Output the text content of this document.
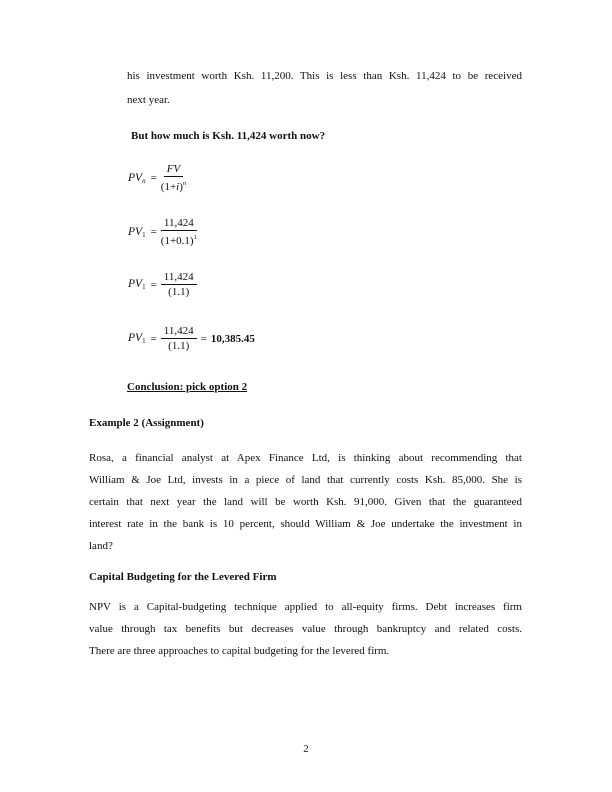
his investment worth Ksh. 11,200. This is less than Ksh. 11,424 to be received
next year.
But how much is Ksh. 11,424 worth now?
$PV_n = \frac{FV}{(1+i)^n}$
$PV_1 = \frac{11,424}{(1+0.1)^1}$
$PV_1 = \frac{11,424}{(1.1)}$
$PV_1 = \frac{11,424}{(1.1)} = 10,385.45$
Conclusion: pick option 2
Example 2 (Assignment)
Rosa, a financial analyst at Apex Finance Ltd, is thinking about recommending that
William & Joe Ltd, invests in a piece of land that currently costs Ksh. 85,000. She is
certain that next year the land will be worth Ksh. 91,000. Given that the guaranteed
interest rate in the bank is 10 percent, should William & Joe undertake the investment in
land?
Capital Budgeting for the Levered Firm
NPV is a Capital-budgeting technique applied to all-equity firms. Debt increases firm
value through tax benefits but decreases value through bankruptcy and related costs.
There are three approaches to capital budgeting for the levered firm.
2
